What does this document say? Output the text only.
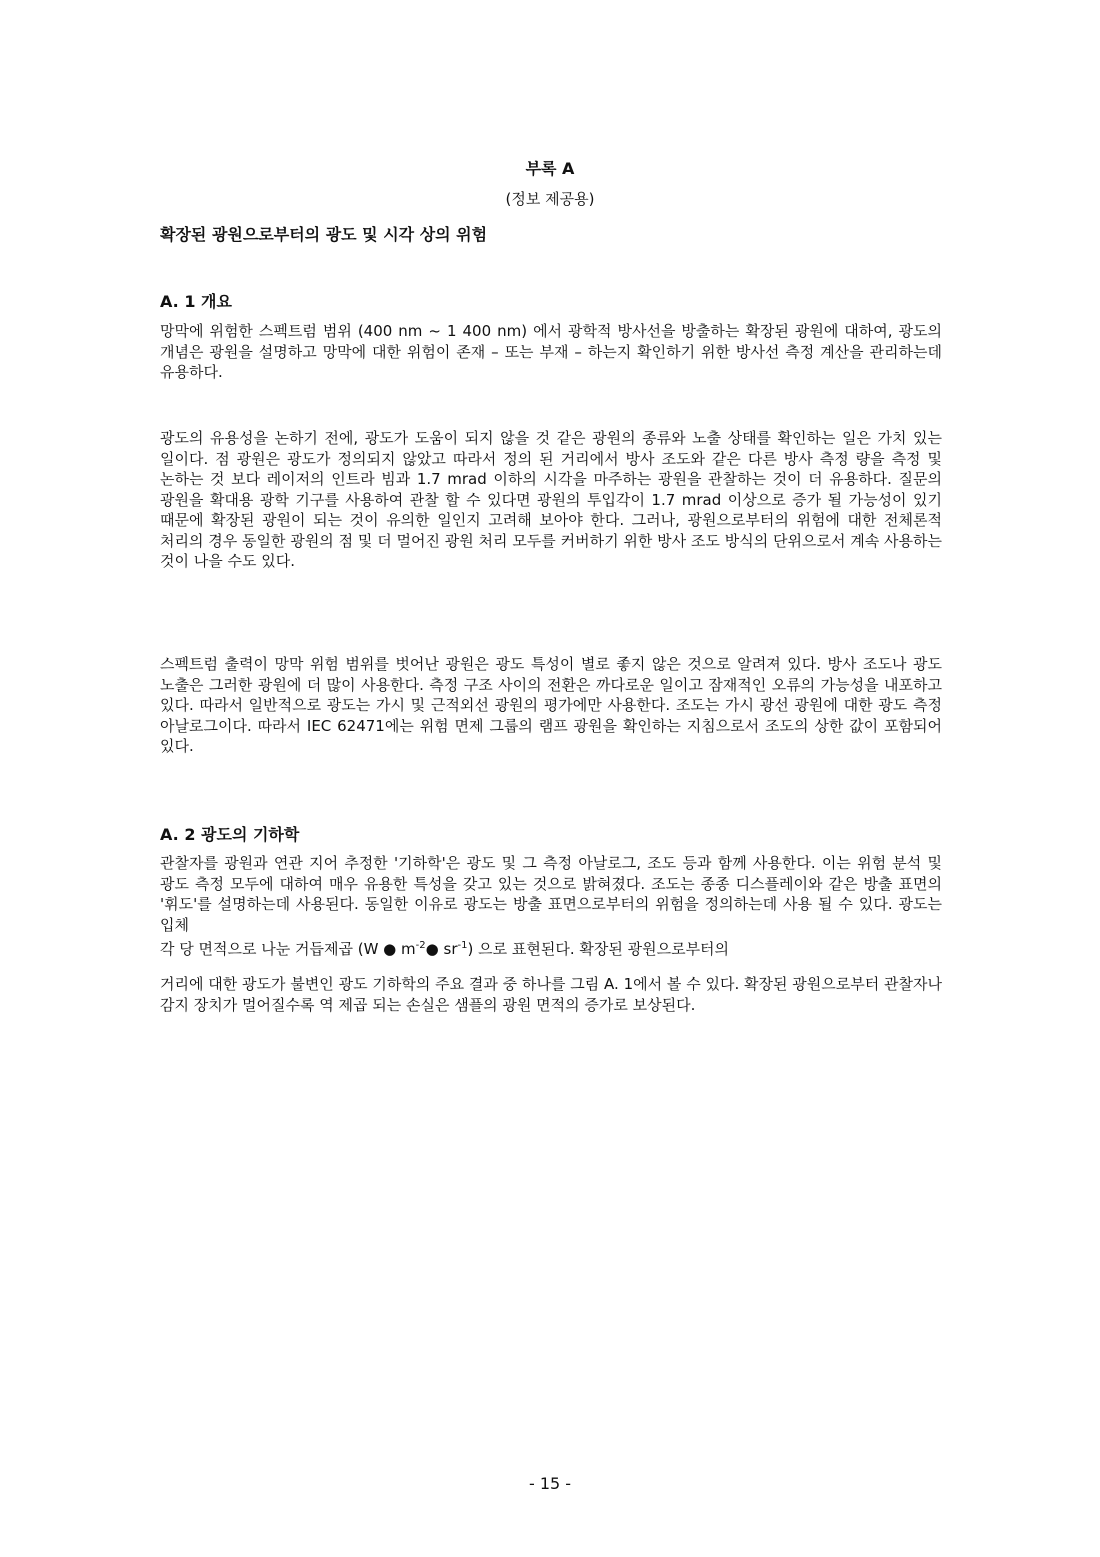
부록 A
(정보 제공용)
확장된 광원으로부터의 광도 및 시각 상의 위험
A. 1 개요

망막에 위험한 스펙트럼 범위 (400 nm ~ 1 400 nm) 에서 광학적 방사선을 방출하는 확장된 광원에 대하여, 광도의 개념은 광원을 설명하고 망막에 대한 위험이 존재 – 또는 부재 – 하는지 확인하기 위한 방사선 측정 계산을 관리하는데 유용하다.

광도의 유용성을 논하기 전에, 광도가 도움이 되지 않을 것 같은 광원의 종류와 노출 상태를 확인하는 일은 가치 있는 일이다. 점 광원은 광도가 정의되지 않았고 따라서 정의 된 거리에서 방사 조도와 같은 다른 방사 측정 량을 측정 및 논하는 것 보다 레이저의 인트라 빔과 1.7 mrad 이하의 시각을 마주하는 광원을 관찰하는 것이 더 유용하다. 질문의 광원을 확대용 광학 기구를 사용하여 관찰 할 수 있다면 광원의 투입각이 1.7 mrad 이상으로 증가 될 가능성이 있기 때문에 확장된 광원이 되는 것이 유의한 일인지 고려해 보아야 한다. 그러나, 광원으로부터의 위험에 대한 전체론적 처리의 경우 동일한 광원의 점 및 더 멀어진 광원 처리 모두를 커버하기 위한 방사 조도 방식의 단위으로서 계속 사용하는 것이 나을 수도 있다.

스펙트럼 출력이 망막 위험 범위를 벗어난 광원은 광도 특성이 별로 좋지 않은 것으로 알려져 있다. 방사 조도나 광도 노출은 그러한 광원에 더 많이 사용한다. 측정 구조 사이의 전환은 까다로운 일이고 잠재적인 오류의 가능성을 내포하고 있다. 따라서 일반적으로 광도는 가시 및 근적외선 광원의 평가에만 사용한다. 조도는 가시 광선 광원에 대한 광도 측정 아날로그이다. 따라서 IEC 62471에는 위험 면제 그룹의 램프 광원을 확인하는 지침으로서 조도의 상한 값이 포함되어 있다.

A. 2 광도의 기하학

관찰자를 광원과 연관 지어 추정한 '기하학'은 광도 및 그 측정 아날로그, 조도 등과 함께 사용한다. 이는 위험 분석 및 광도 측정 모두에 대하여 매우 유용한 특성을 갖고 있는 것으로 밝혀졌다. 조도는 종종 디스플레이와 같은 방출 표면의 '휘도'를 설명하는데 사용된다. 동일한 이유로 광도는 방출 표면으로부터의 위험을 정의하는데 사용 될 수 있다. 광도는 입체

각 당 면적으로 나눈 거듭제곱 (W ● $m^{-2}●$ $sr^{-1}$) 으로 표현된다. 확장된 광원으로부터의

거리에 대한 광도가 불변인 광도 기하학의 주요 결과 중 하나를 그림 A. 1에서 볼 수 있다. 확장된 광원으로부터 관찰자나 감지 장치가 멀어질수록 역 제곱 되는 손실은 샘플의 광원 면적의 증가로 보상된다.

- 15 -
